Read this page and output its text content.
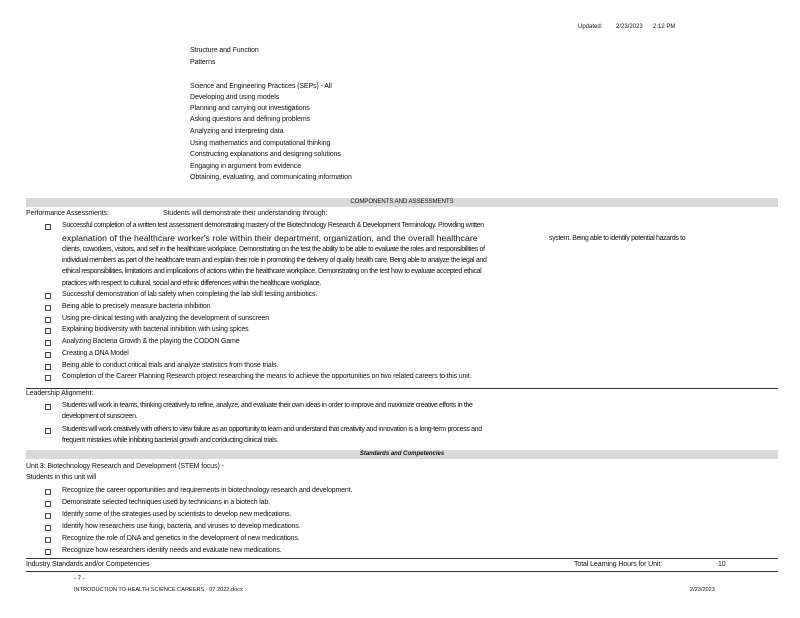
Updated: 2/23/2023 2:12 PM
Structure and Function
Patterns
Science and Engineering Practices (SEPs) - All
Developing and using models
Planning and carrying out investigations
Asking questions and defining problems
Analyzing and interpreting data
Using mathematics and computational thinking
Constructing explanations and designing solutions
Engaging in argument from evidence
Obtaining, evaluating, and communicating information
COMPONENTS AND ASSESSMENTS
Performance Assessments:	Students will demonstrate their understanding through:
Successful completion of a written test assessment demonstrating mastery of the Biotechnology Research & Development Terminology. Providing written
explanation of the healthcare worker's role within their department, organization, and the overall healthcare	system. Being able to identify potential hazards to
clients, coworkers, visitors, and self in the healthcare workplace. Demonstrating on the test the ability to be able to evaluate the roles and responsibilities of
individual members as part of the healthcare team and explain their role in promoting the delivery of quality health care. Being able to analyze the legal and
ethical responsibilities, limitations and implications of actions within the healthcare workplace. Demonstrating on the test how to evaluate accepted ethical
practices with respect to cultural, social and ethnic differences within the healthcare workplace.
Successful demonstration of lab safety when completing the lab skill testing antibiotics.
Being able to precisely measure bacteria inhibition
Using pre-clinical testing with analyzing the development of sunscreen
Explaining biodiversity with bacterial inhibition with using spices
Analyzing Bacteria Growth & the playing the CODON Game
Creating a DNA Model
Being able to conduct critical trials and analyze statistics from those trials.
Completion of the Career Planning Research project researching the means to achieve the opportunities on two related careers to this unit.
Leadership Alignment:
Students will work in teams, thinking creatively to refine, analyze, and evaluate their own ideas in order to improve and maximize creative efforts in the
development of sunscreen.
Students will work creatively with others to view failure as an opportunity to learn and understand that creativity and innovation is a long-term process and
frequent mistakes while inhibiting bacterial growth and conducting clinical trials.
Standards and Competencies
Unit 3: Biotechnology Research and Development (STEM focus) -
Students in this unit will
Recognize the career opportunities and requirements in biotechnology research and development.
Demonstrate selected techniques used by technicians in a biotech lab.
Identify some of the strategies used by scientists to develop new medications.
Identify how researchers use fungi, bacteria, and viruses to develop medications.
Recognize the role of DNA and genetics in the development of new medications.
Recognize how researchers identify needs and evaluate new medications.
Industry Standards and/or Competencies	Total Learning Hours for Unit:	10
- 7 -
INTRODUCTION TO HEALTH SCIENCE CAREERS - 07.2022.docx	2/23/2023
